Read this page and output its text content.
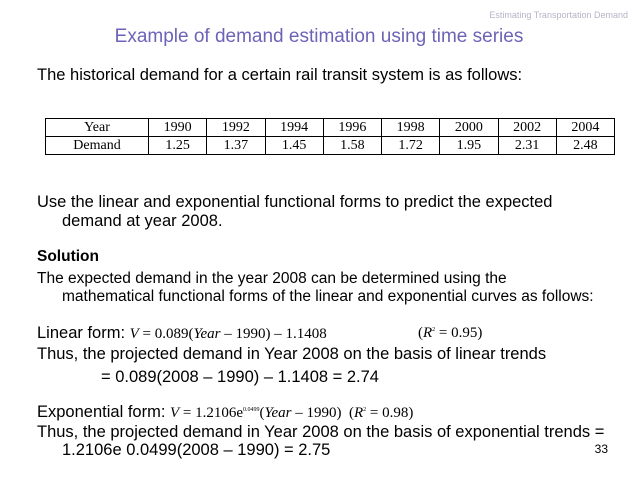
Estimating Transportation Demand
Example of demand estimation using time series
The historical demand for a certain rail transit system is as follows:
Year	1990	1992	1994	1996	1998	2000	2002	2004
Demand	1.25	1.37	1.45	1.58	1.72	1.95	2.31	2.48
Use the linear and exponential functional forms to predict the expected
demand at year 2008.
Solution
The expected demand in the year 2008 can be determined using the
mathematical functional forms of the linear and exponential curves as follows:
Linear form: V = 0.089(Year – 1990) – 1.1408	$(R^2 = 0.95)$
Thus, the projected demand in Year 2008 on the basis of linear trends
= 0.089(2008 – 1990) – 1.1408 = 2.74
Exponential form: $V = 1.2106e^{0.0499}(Year - 1990) (R^2 = 0.98)$
Thus, the projected demand in Year 2008 on the basis of exponential trends =
1.2106e 0.0499(2008 – 1990) = 2.75	33
